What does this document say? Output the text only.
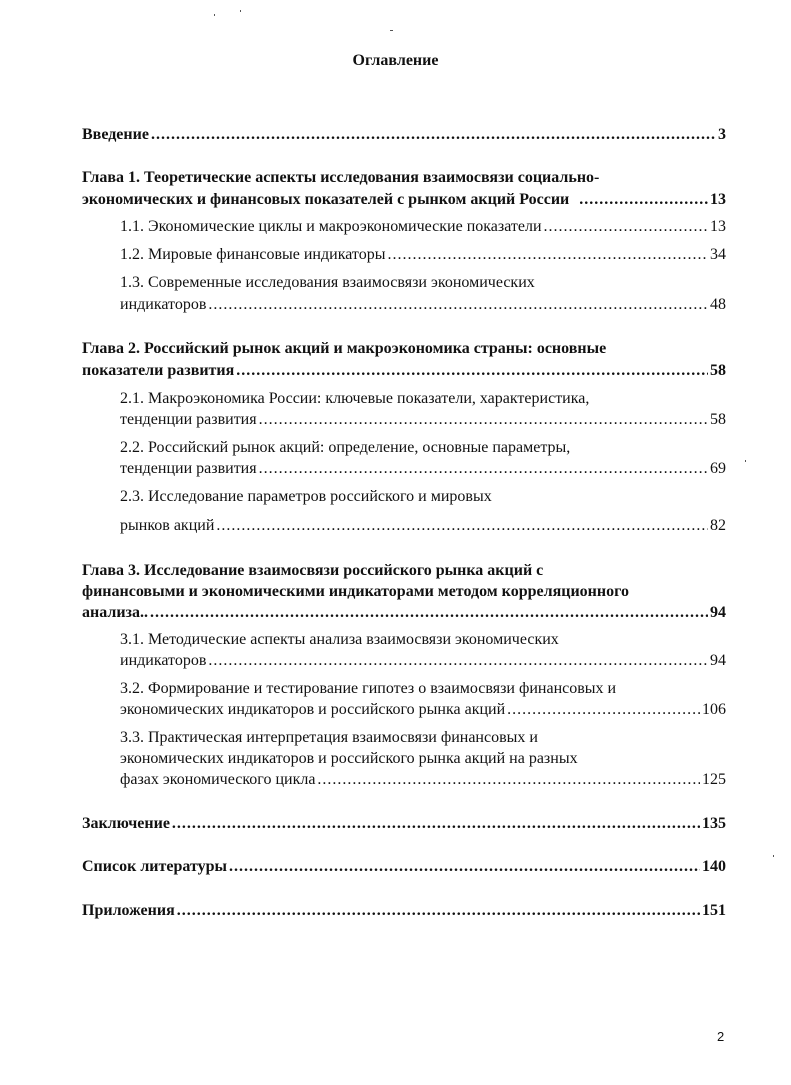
Оглавление
Введение .....	3
Глава 1. Теоретические аспекты исследования взаимосвязи социально-
экономических и финансовых показателей с рынком акций России .....	13
1.1. Экономические циклы и макроэкономические показатели .....	13
1.2. Мировые финансовые индикаторы .....	34
1.3. Современные исследования взаимосвязи экономических
индикаторов .....	48
Глава 2. Российский рынок акций и макроэкономика страны: основные
показатели развития .....	58
2.1. Макроэкономика России: ключевые показатели, характеристика,
тенденции развития .....	58
2.2. Российский рынок акций: определение, основные параметры,
тенденции развития .....	69
2.3. Исследование параметров российского и мировых
рынков акций .....	82
Глава 3. Исследование взаимосвязи российского рынка акций с
финансовыми и экономическими индикаторами методом корреляционного
анализа.. .....	94
3.1. Методические аспекты анализа взаимосвязи экономических
индикаторов .....	94
3.2. Формирование и тестирование гипотез о взаимосвязи финансовых и
экономических индикаторов и российского рынка акций .....	106
3.3. Практическая интерпретация взаимосвязи финансовых и
экономических индикаторов и российского рынка акций на разных
фазах экономического цикла .....	125
Заключение .....	135
Список литературы .....	140
Приложения .....	151
2
